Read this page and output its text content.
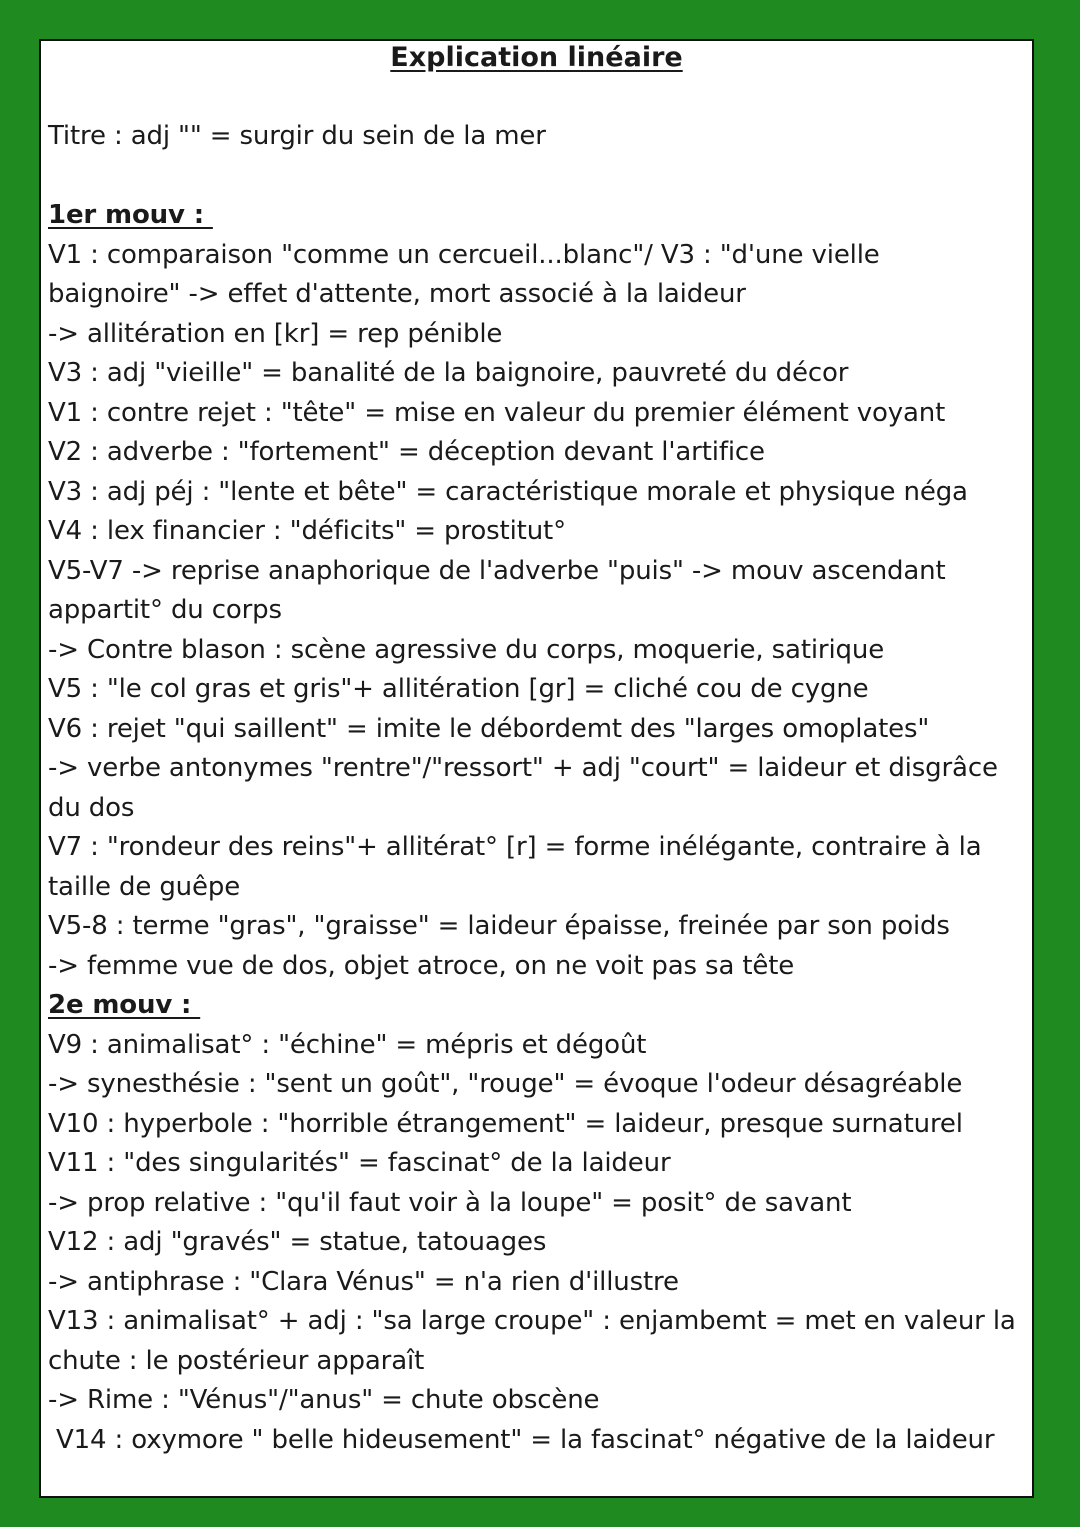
Explication linéaire
Titre : adj "" = surgir du sein de la mer
1er mouv :
V1 : comparaison "comme un cercueil...blanc"/ V3 : "d'une vielle
baignoire" -> effet d'attente, mort associé à la laideur
-> allitération en [kr] = rep pénible
V3 : adj "vieille" = banalité de la baignoire, pauvreté du décor
V1 : contre rejet : "tête" = mise en valeur du premier élément voyant
V2 : adverbe : "fortement" = déception devant l'artifice
V3 : adj péj : "lente et bête" = caractéristique morale et physique néga
V4 : lex financier : "déficits" = prostitut°
V5-V7 -> reprise anaphorique de l'adverbe "puis" -> mouv ascendant
appartit° du corps
-> Contre blason : scène agressive du corps, moquerie, satirique
V5 : "le col gras et gris"+ allitération [gr] = cliché cou de cygne
V6 : rejet "qui saillent" = imite le débordemt des "larges omoplates"
-> verbe antonymes "rentre"/"ressort" + adj "court" = laideur et disgrâce
du dos
V7 : "rondeur des reins"+ allitérat° [r] = forme inélégante, contraire à la
taille de guêpe
V5-8 : terme "gras", "graisse" = laideur épaisse, freinée par son poids
-> femme vue de dos, objet atroce, on ne voit pas sa tête
2e mouv :
V9 : animalisat° : "échine" = mépris et dégoût
-> synesthésie : "sent un goût", "rouge" = évoque l'odeur désagréable
V10 : hyperbole : "horrible étrangement" = laideur, presque surnaturel
V11 : "des singularités" = fascinat° de la laideur
-> prop relative : "qu'il faut voir à la loupe" = posit° de savant
V12 : adj "gravés" = statue, tatouages
-> antiphrase : "Clara Vénus" = n'a rien d'illustre
V13 : animalisat° + adj : "sa large croupe" : enjambemt = met en valeur la
chute : le postérieur apparaît
-> Rime : "Vénus"/"anus" = chute obscène
V14 : oxymore " belle hideusement" = la fascinat° négative de la laideur
